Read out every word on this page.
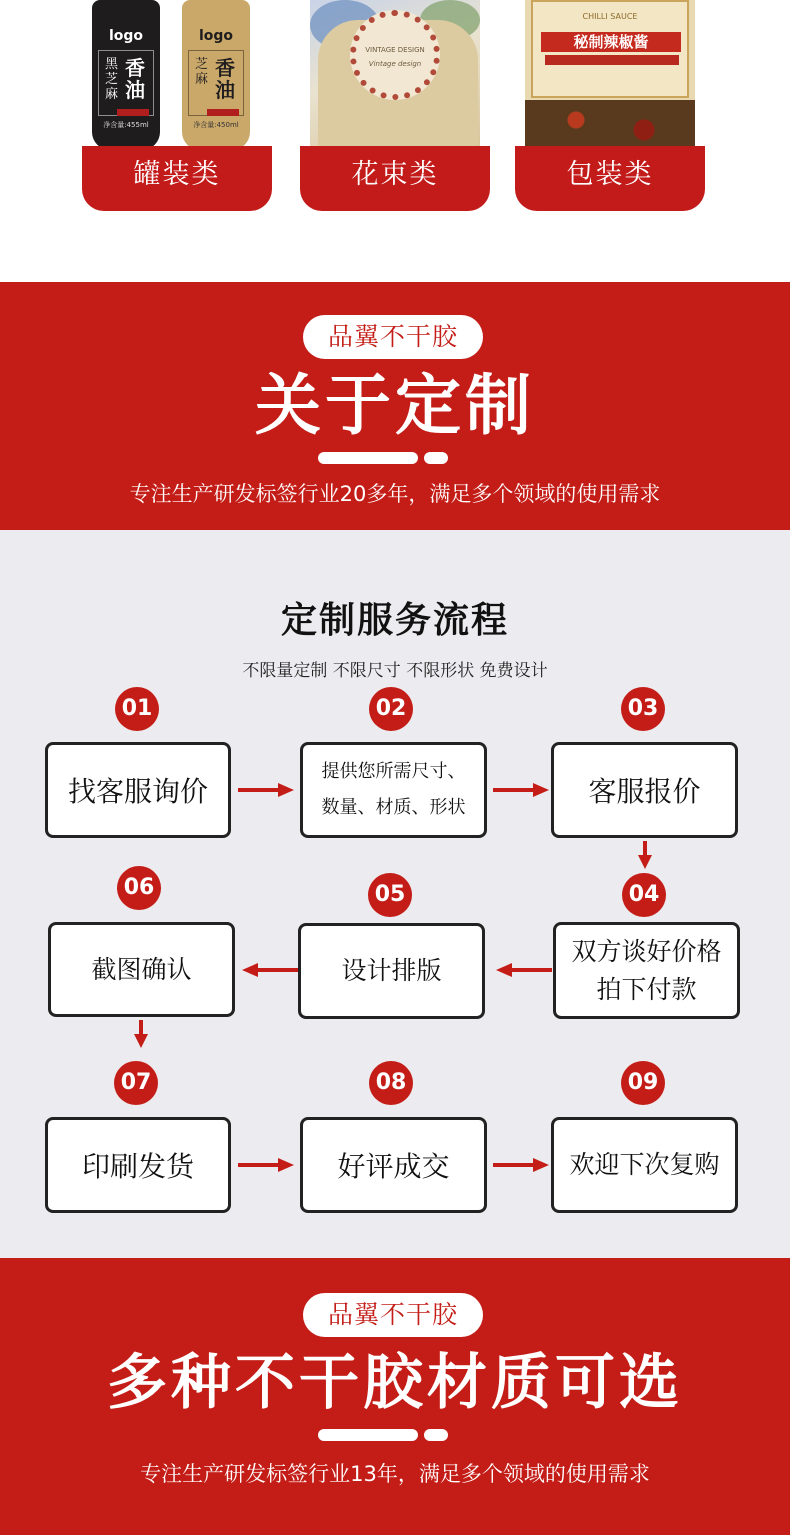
logo
黑芝麻
香油
净含量:455ml
logo
芝麻 香油
净含量:450ml
罐装类
VINTAGE DESIGN
Vintage design
花束类
CHILLI SAUCE
秘制辣椒酱
包装类
品翼不干胶
关于定制
专注生产研发标签行业20多年，满足多个领域的使用需求
定制服务流程
不限量定制 不限尺寸 不限形状 免费设计
01	02	03
06	05	04
07	08	09
找客服询价
提供您所需尺寸、
数量、材质、形状	客服报价
截图确认	设计排版
双方谈好价格
拍下付款
印刷发货	好评成交	欢迎下次复购
品翼不干胶
多种不干胶材质可选
专注生产研发标签行业13年，满足多个领域的使用需求
